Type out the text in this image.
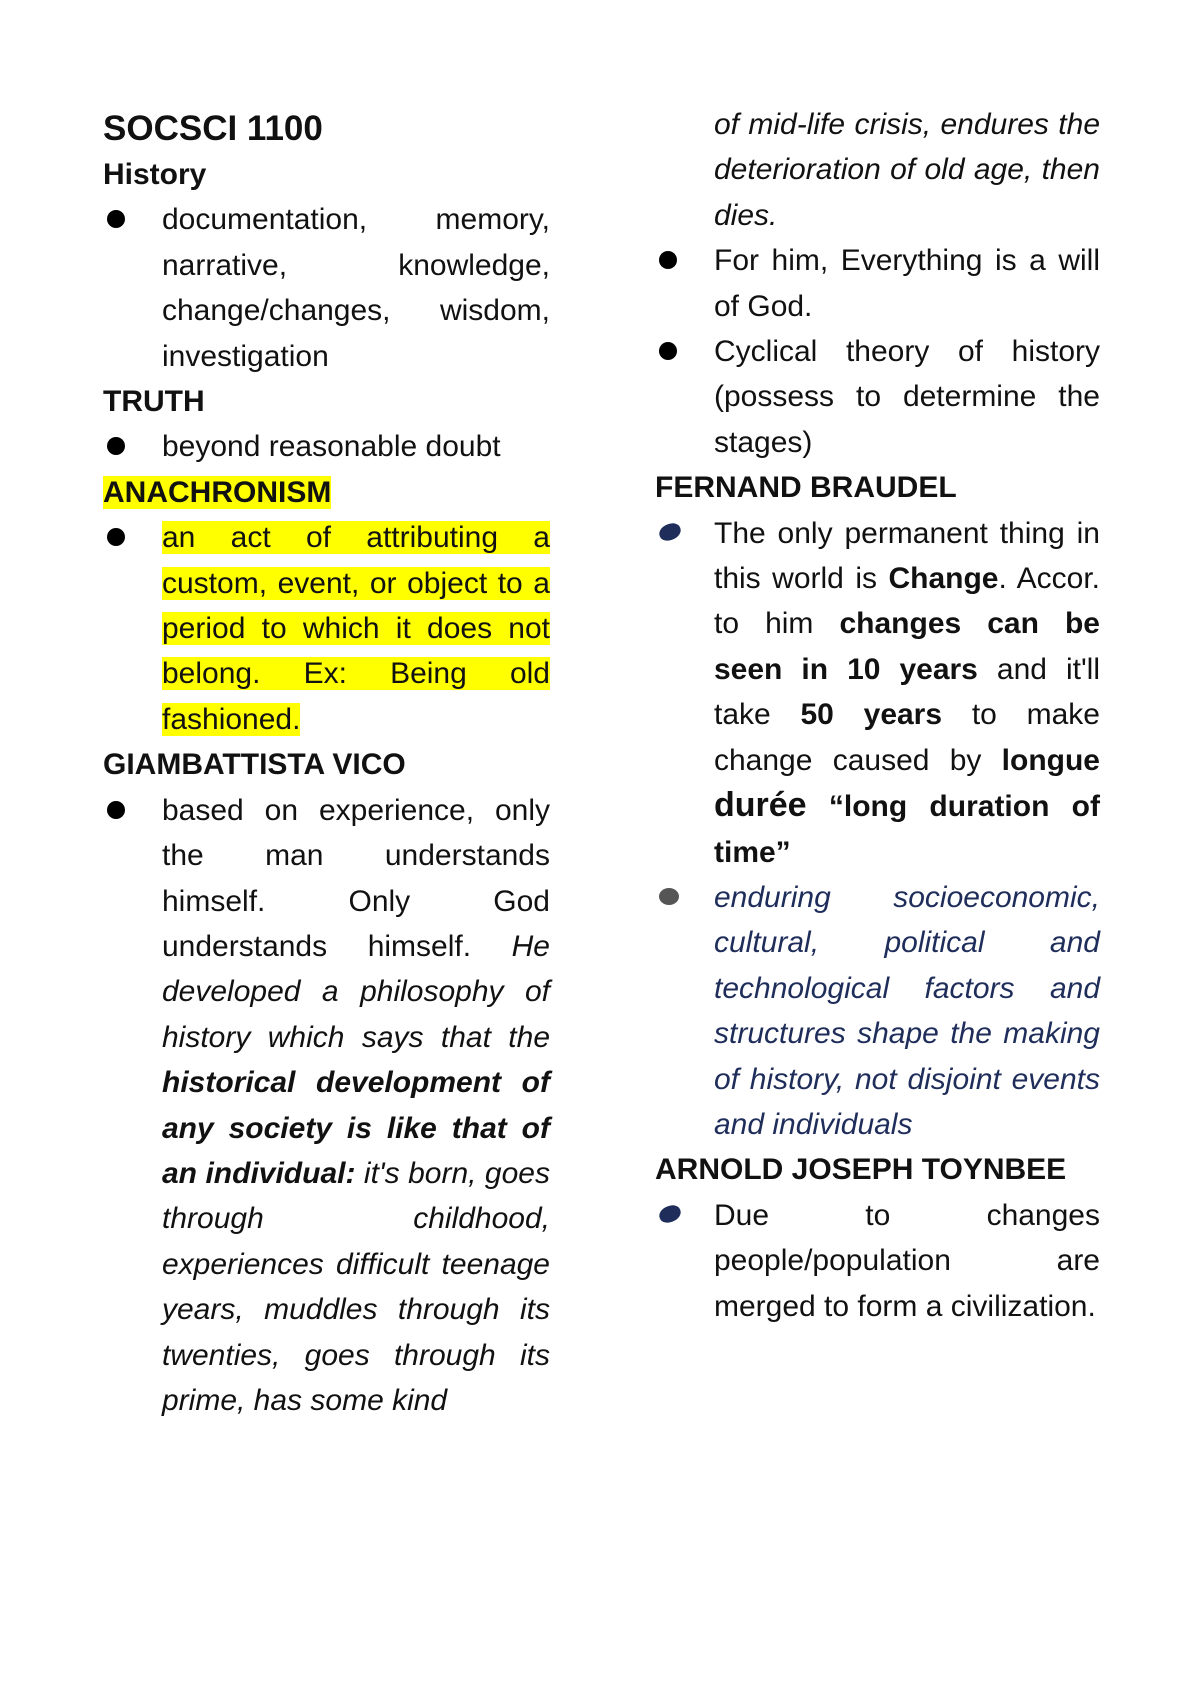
SOCSCI 1100
History
documentation, memory, narrative, knowledge, change/changes, wisdom, investigation
TRUTH
beyond reasonable doubt
ANACHRONISM
an act of attributing a custom, event, or object to a period to which it does not belong. Ex: Being old fashioned.
GIAMBATTISTA VICO
based on experience, only the man understands himself. Only God understands himself. He developed a philosophy of history which says that the historical development of any society is like that of an individual: it's born, goes through childhood, experiences difficult teenage years, muddles through its twenties, goes through its prime, has some kind
of mid-life crisis, endures the deterioration of old age, then dies.
For him, Everything is a will of God.
Cyclical theory of history (possess to determine the stages)
FERNAND BRAUDEL
The only permanent thing in this world is Change. Accor. to him changes can be seen in 10 years and it'll take 50 years to make change caused by longue durée “long duration of time”
enduring socioeconomic, cultural, political and technological factors and structures shape the making of history, not disjoint events and individuals
ARNOLD JOSEPH TOYNBEE
Due to changes people/population are merged to form a civilization.
